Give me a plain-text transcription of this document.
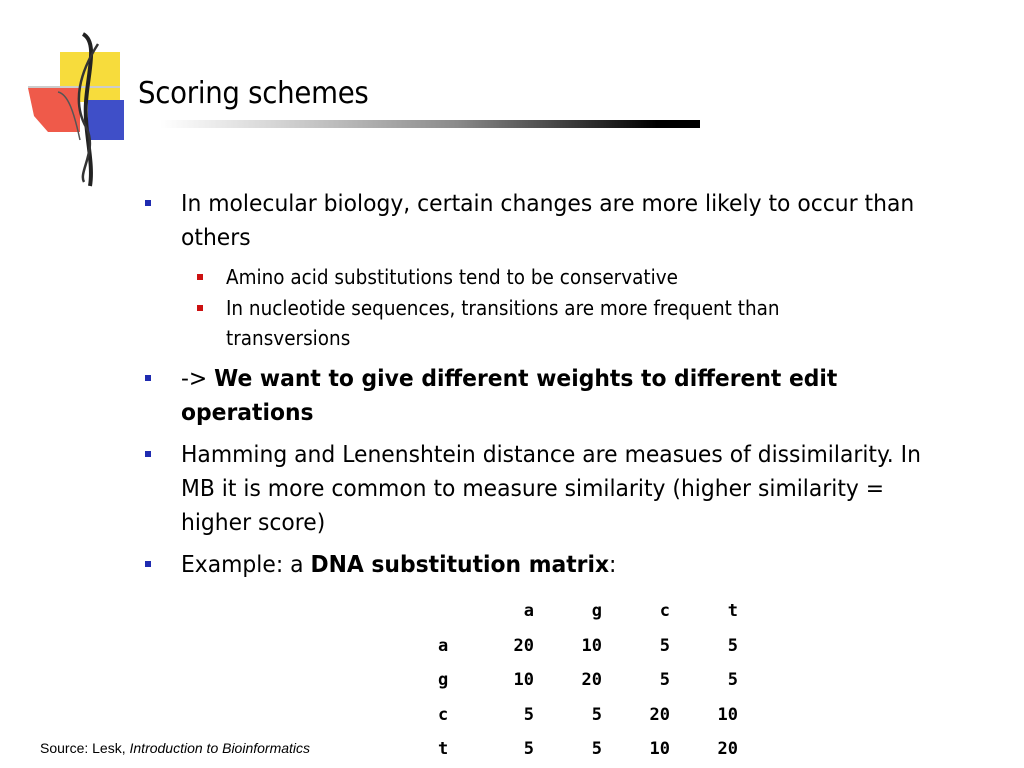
Scoring schemes
In molecular biology, certain changes are more likely to occur than others
Amino acid substitutions tend to be conservative
In nucleotide sequences, transitions are more frequent than transversions
-> We want to give different weights to different edit operations
Hamming and Lenenshtein distance are measues of dissimilarity. In MB it is more common to measure similarity (higher similarity = higher score)
Example: a DNA substitution matrix:
	a	g	c	t
a	20	10	5	5
g	10	20	5	5
c	5	5	20	10
t	5	5	10	20
Source: Lesk, Introduction to Bioinformatics
